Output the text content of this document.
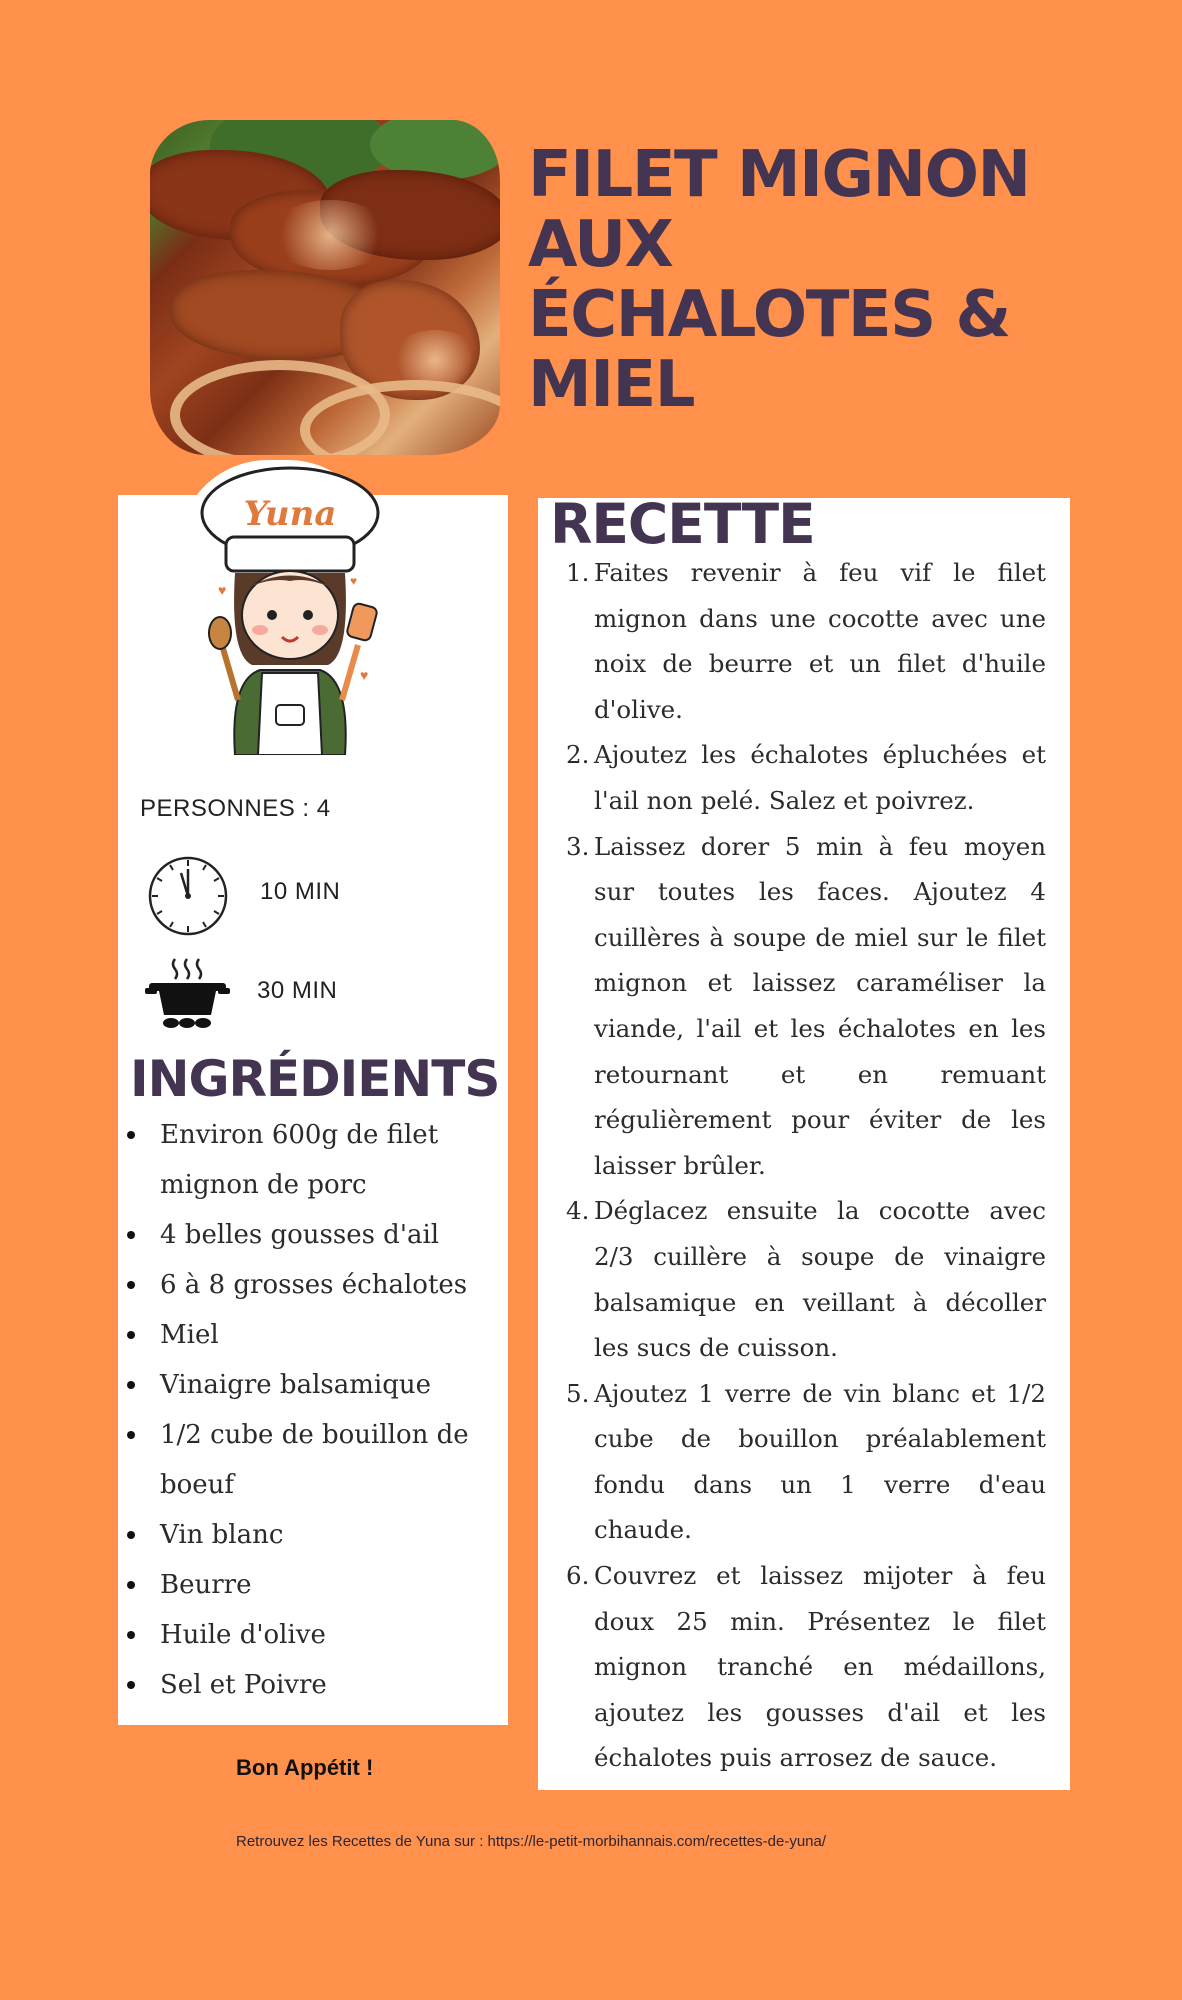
FILET MIGNON
AUX
ÉCHALOTES &
MIEL
Yuna
♥
♥
♥
PERSONNES : 4
10 MIN
30 MIN
INGRÉDIENTS
Environ 600g de filet mignon de porc
4 belles gousses d'ail
6 à 8 grosses échalotes
Miel
Vinaigre balsamique
1/2 cube de bouillon de boeuf
Vin blanc
Beurre
Huile d'olive
Sel et Poivre
Bon Appétit !
RECETTE
1. Faites revenir à feu vif le filet mignon dans une cocotte avec une noix de beurre et un filet d'huile d'olive.
2. Ajoutez les échalotes épluchées et l'ail non pelé. Salez et poivrez.
3. Laissez dorer 5 min à feu moyen sur toutes les faces. Ajoutez 4 cuillères à soupe de miel sur le filet mignon et laissez caraméliser la viande, l'ail et les échalotes en les retournant et en remuant régulièrement pour éviter de les laisser brûler.
4. Déglacez ensuite la cocotte avec 2/3 cuillère à soupe de vinaigre balsamique en veillant à décoller les sucs de cuisson.
5. Ajoutez 1 verre de vin blanc et 1/2 cube de bouillon préalablement fondu dans un 1 verre d'eau chaude.
6. Couvrez et laissez mijoter à feu doux 25 min. Présentez le filet mignon tranché en médaillons, ajoutez les gousses d'ail et les échalotes puis arrosez de sauce.
Retrouvez les Recettes de Yuna sur : https://le-petit-morbihannais.com/recettes-de-yuna/
